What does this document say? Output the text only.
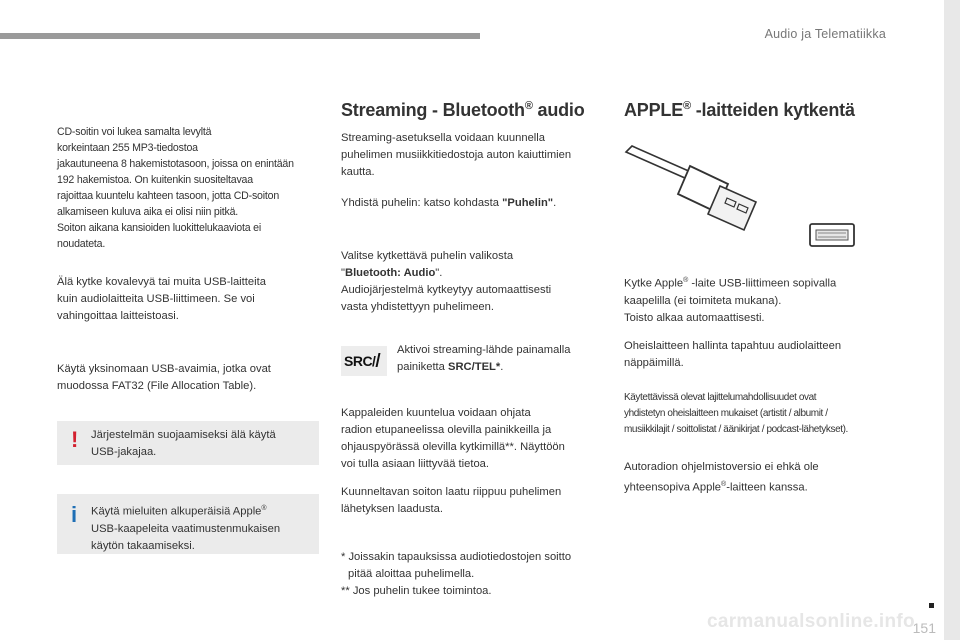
Audio ja Telematiikka
CD-soitin voi lukea samalta levyltä
korkeintaan 255 MP3-tiedostoa
jakautuneena 8 hakemistotasoon, joissa on enintään
192 hakemistoa. On kuitenkin suositeltavaa
rajoittaa kuuntelu kahteen tasoon, jotta CD-soiton
alkamiseen kuluva aika ei olisi niin pitkä.
Soiton aikana kansioiden luokittelukaaviota ei
noudateta.
Älä kytke kovalevyä tai muita USB-laitteita
kuin audiolaitteita USB-liittimeen. Se voi
vahingoittaa laitteistoasi.
Käytä yksinomaan USB-avaimia, jotka ovat
muodossa FAT32 (File Allocation Table).
! Järjestelmän suojaamiseksi älä käytä
USB-jakajaa.
i Käytä mieluiten alkuperäisiä Apple®
USB-kaapeleita vaatimustenmukaisen
käytön takaamiseksi.
Streaming - Bluetooth® audio
Streaming-asetuksella voidaan kuunnella
puhelimen musiikkitiedostoja auton kaiuttimien
kautta.
Yhdistä puhelin: katso kohdasta "Puhelin".
Valitse kytkettävä puhelin valikosta
"Bluetooth: Audio".
Audiojärjestelmä kytkeytyy automaattisesti
vasta yhdistettyyn puhelimeen.
SRC/
Aktivoi streaming-lähde painamalla
painiketta SRC/TEL*.
Kappaleiden kuuntelua voidaan ohjata
radion etupaneelissa olevilla painikkeilla ja
ohjauspyörässä olevilla kytkimillä**. Näyttöön
voi tulla asiaan liittyvää tietoa.
Kuunneltavan soiton laatu riippuu puhelimen
lähetyksen laadusta.
* Joissakin tapauksissa audiotiedostojen soitto
pitää aloittaa puhelimella.
** Jos puhelin tukee toimintoa.
APPLE® -laitteiden kytkentä
Kytke Apple® -laite USB-liittimeen sopivalla
kaapelilla (ei toimiteta mukana).
Toisto alkaa automaattisesti.
Oheislaitteen hallinta tapahtuu audiolaitteen
näppäimillä.
Käytettävissä olevat lajittelumahdollisuudet ovat
yhdistetyn oheislaitteen mukaiset (artistit / albumit /
musiikkilajit / soittolistat / äänikirjat / podcast-lähetykset).
Autoradion ohjelmistoversio ei ehkä ole
yhteensopiva Apple®-laitteen kanssa.
carmanualsonline.info
151
